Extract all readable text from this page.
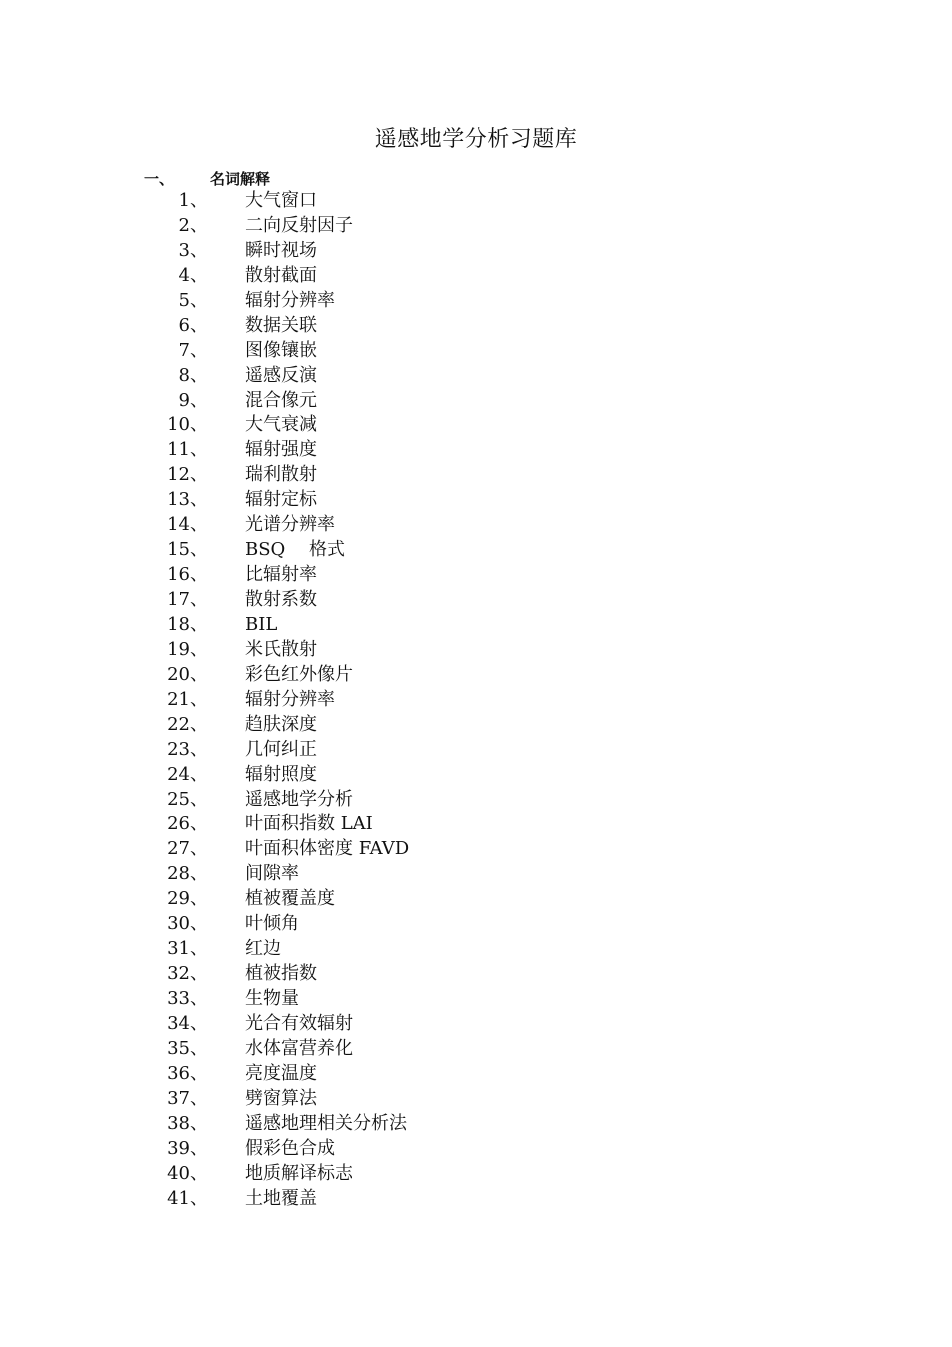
遥感地学分析习题库
一、 名词解释
1、 大气窗口
2、 二向反射因子
3、 瞬时视场
4、 散射截面
5、 辐射分辨率
6、 数据关联
7、 图像镶嵌
8、 遥感反演
9、 混合像元
10、 大气衰减
11、 辐射强度
12、 瑞利散射
13、 辐射定标
14、 光谱分辨率
15、 BSQ　 格式
16、 比辐射率
17、 散射系数
18、 BIL
19、 米氏散射
20、 彩色红外像片
21、 辐射分辨率
22、 趋肤深度
23、 几何纠正
24、 辐射照度
25、 遥感地学分析
26、 叶面积指数 LAI
27、 叶面积体密度 FAVD
28、 间隙率
29、 植被覆盖度
30、 叶倾角
31、 红边
32、 植被指数
33、 生物量
34、 光合有效辐射
35、 水体富营养化
36、 亮度温度
37、 劈窗算法
38、 遥感地理相关分析法
39、 假彩色合成
40、 地质解译标志
41、 土地覆盖
